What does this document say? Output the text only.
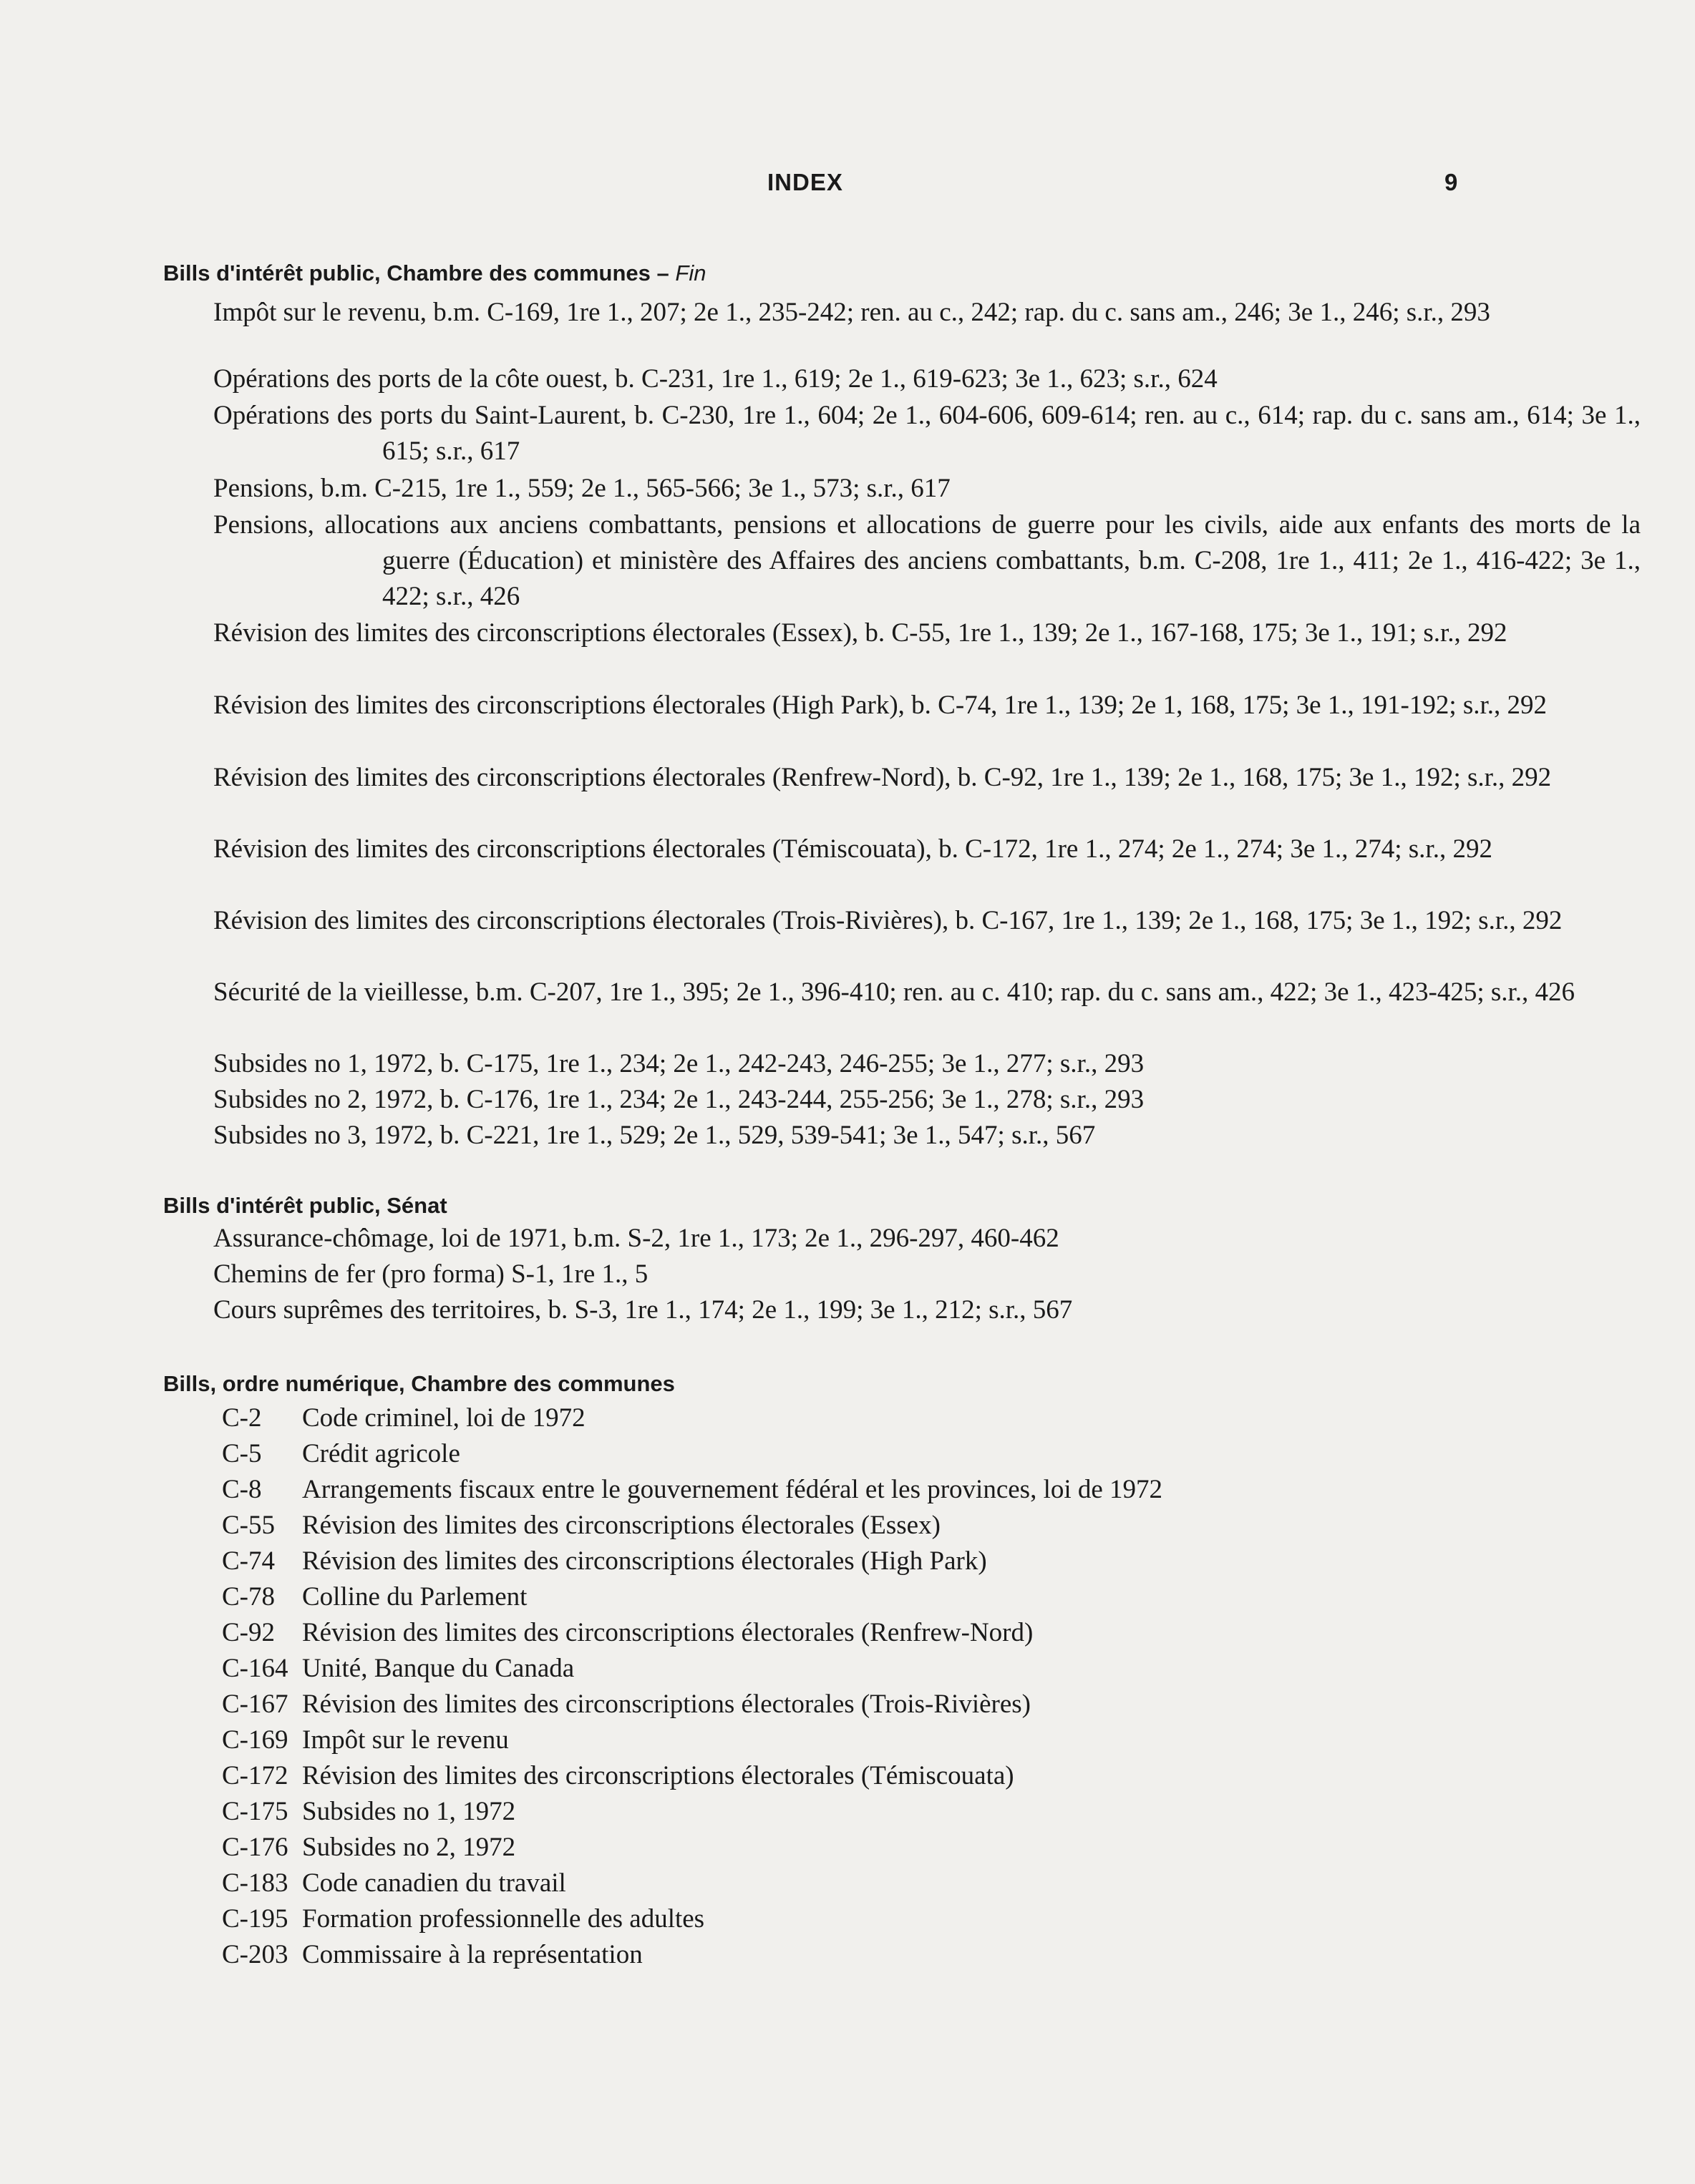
INDEX	9
Bills d'intérêt public, Chambre des communes – Fin
Impôt sur le revenu, b.m. C-169, 1re 1., 207; 2e 1., 235-242; ren. au c., 242; rap. du c. sans am., 246; 3e 1., 246; s.r., 293
Opérations des ports de la côte ouest, b. C-231, 1re 1., 619; 2e 1., 619-623; 3e 1., 623; s.r., 624
Opérations des ports du Saint-Laurent, b. C-230, 1re 1., 604; 2e 1., 604-606, 609-614; ren. au c., 614; rap. du c. sans am., 614; 3e 1., 615; s.r., 617
Pensions, b.m. C-215, 1re 1., 559; 2e 1., 565-566; 3e 1., 573; s.r., 617
Pensions, allocations aux anciens combattants, pensions et allocations de guerre pour les civils, aide aux enfants des morts de la guerre (Éducation) et ministère des Affaires des anciens combattants, b.m. C-208, 1re 1., 411; 2e 1., 416-422; 3e 1., 422; s.r., 426
Révision des limites des circonscriptions électorales (Essex), b. C-55, 1re 1., 139; 2e 1., 167-168, 175; 3e 1., 191; s.r., 292
Révision des limites des circonscriptions électorales (High Park), b. C-74, 1re 1., 139; 2e 1, 168, 175; 3e 1., 191-192; s.r., 292
Révision des limites des circonscriptions électorales (Renfrew-Nord), b. C-92, 1re 1., 139; 2e 1., 168, 175; 3e 1., 192; s.r., 292
Révision des limites des circonscriptions électorales (Témiscouata), b. C-172, 1re 1., 274; 2e 1., 274; 3e 1., 274; s.r., 292
Révision des limites des circonscriptions électorales (Trois-Rivières), b. C-167, 1re 1., 139; 2e 1., 168, 175; 3e 1., 192; s.r., 292
Sécurité de la vieillesse, b.m. C-207, 1re 1., 395; 2e 1., 396-410; ren. au c. 410; rap. du c. sans am., 422; 3e 1., 423-425; s.r., 426
Subsides no 1, 1972, b. C-175, 1re 1., 234; 2e 1., 242-243, 246-255; 3e 1., 277; s.r., 293
Subsides no 2, 1972, b. C-176, 1re 1., 234; 2e 1., 243-244, 255-256; 3e 1., 278; s.r., 293
Subsides no 3, 1972, b. C-221, 1re 1., 529; 2e 1., 529, 539-541; 3e 1., 547; s.r., 567
Bills d'intérêt public, Sénat
Assurance-chômage, loi de 1971, b.m. S-2, 1re 1., 173; 2e 1., 296-297, 460-462
Chemins de fer (pro forma) S-1, 1re 1., 5
Cours suprêmes des territoires, b. S-3, 1re 1., 174; 2e 1., 199; 3e 1., 212; s.r., 567
Bills, ordre numérique, Chambre des communes
C-2 Code criminel, loi de 1972
C-5 Crédit agricole
C-8 Arrangements fiscaux entre le gouvernement fédéral et les provinces, loi de 1972
C-55 Révision des limites des circonscriptions électorales (Essex)
C-74 Révision des limites des circonscriptions électorales (High Park)
C-78 Colline du Parlement
C-92 Révision des limites des circonscriptions électorales (Renfrew-Nord)
C-164 Unité, Banque du Canada
C-167 Révision des limites des circonscriptions électorales (Trois-Rivières)
C-169 Impôt sur le revenu
C-172 Révision des limites des circonscriptions électorales (Témiscouata)
C-175 Subsides no 1, 1972
C-176 Subsides no 2, 1972
C-183 Code canadien du travail
C-195 Formation professionnelle des adultes
C-203 Commissaire à la représentation
